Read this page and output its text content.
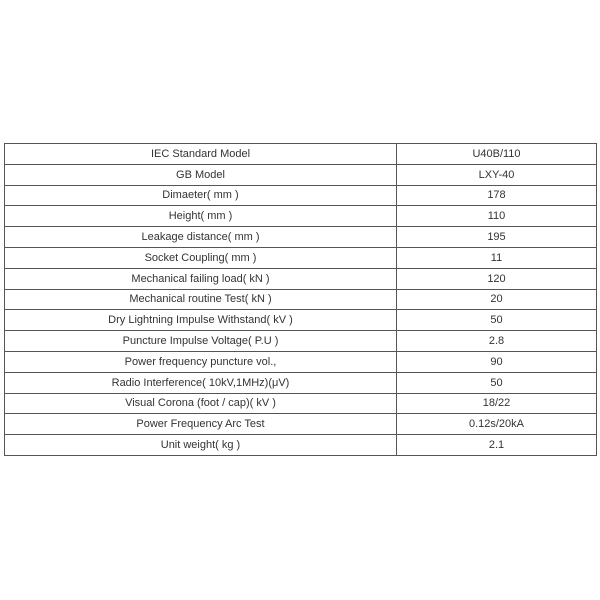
IEC Standard Model	U40B/110
GB Model	LXY-40
Dimaeter( mm )	178
Height( mm )	110
Leakage distance( mm )	195
Socket Coupling( mm )	11
Mechanical failing load( kN )	120
Mechanical routine Test( kN )	20
Dry Lightning Impulse Withstand( kV )	50
Puncture Impulse Voltage( P.U )	2.8
Power frequency puncture vol.,	90
Radio Interference( 10kV,1MHz)(μV)	50
Visual Corona (foot / cap)( kV )	18/22
Power Frequency Arc Test	0.12s/20kA
Unit weight( kg )	2.1
